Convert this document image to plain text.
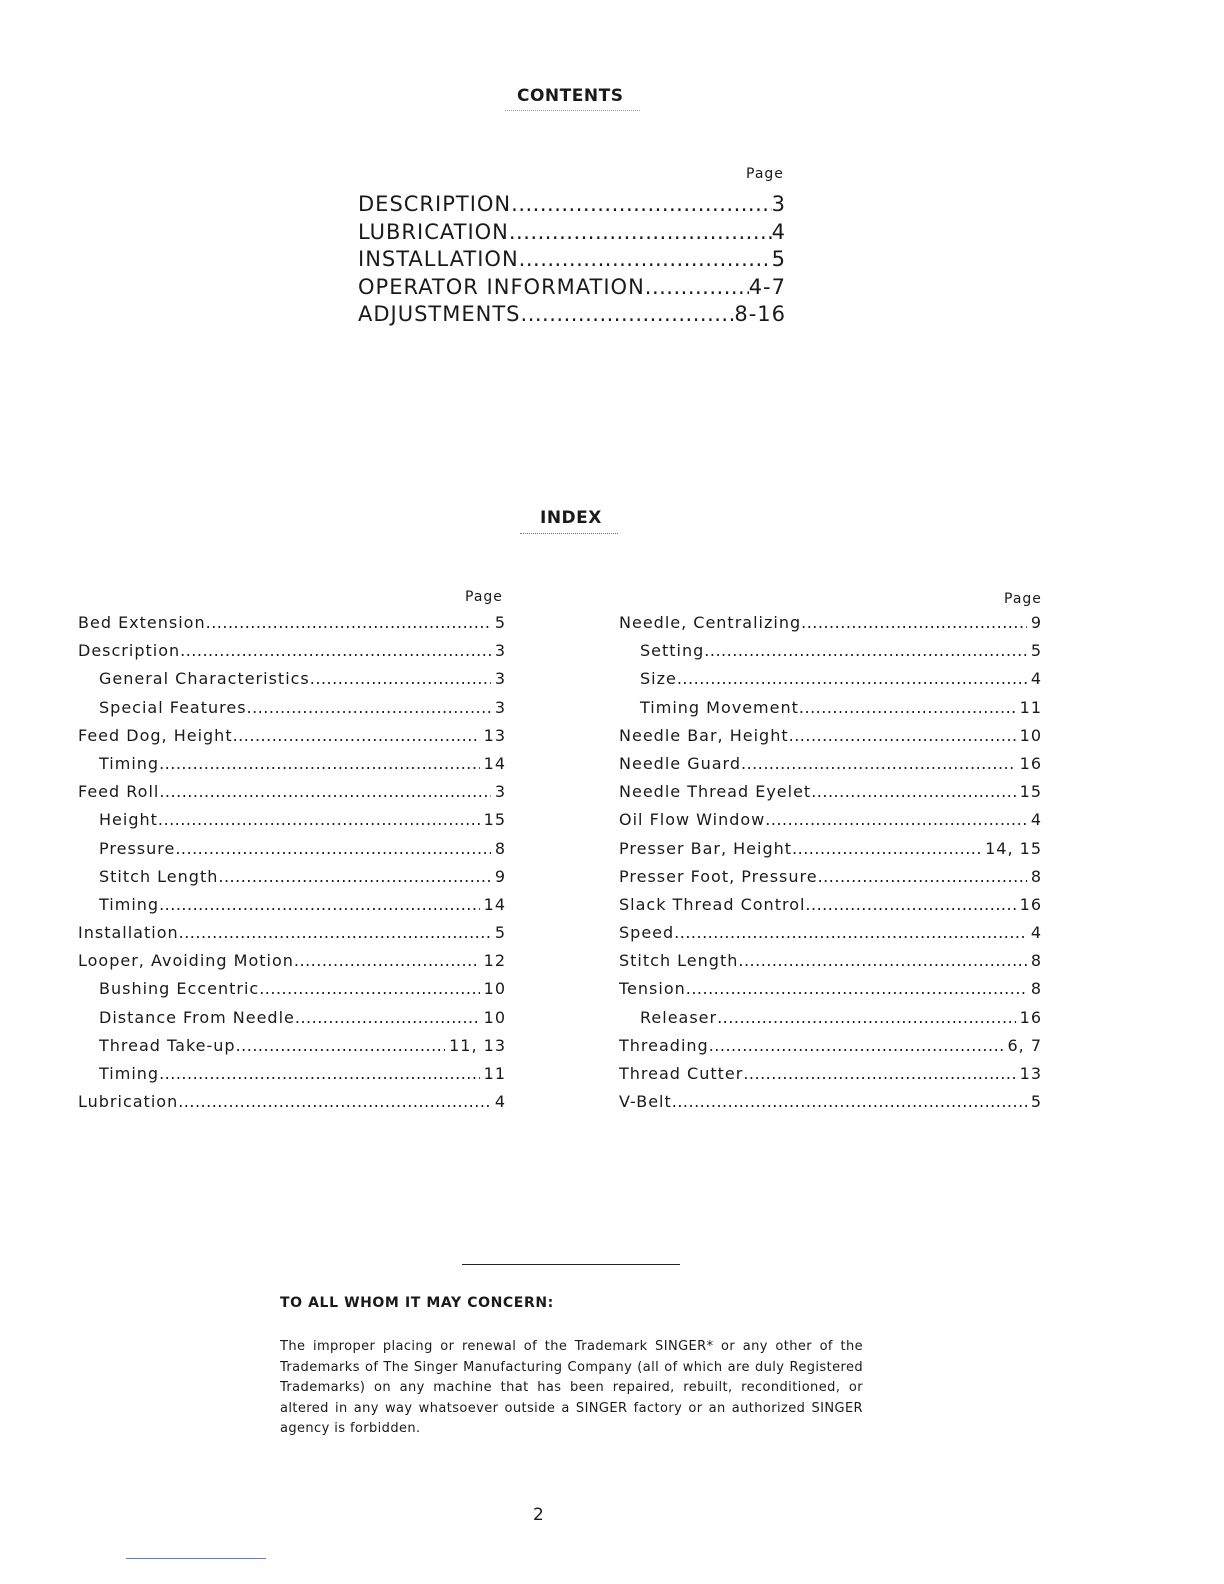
CONTENTS
Page
DESCRIPTION .....	3
LUBRICATION .....	4
INSTALLATION .....	5
OPERATOR INFORMATION .....	4-7
ADJUSTMENTS .....	8-16
INDEX
Page	Page
Bed Extension .....	5
Description .....	3
General Characteristics .....	3
Special Features .....	3
Feed Dog, Height .....	13
Timing .....	14
Feed Roll .....	3
Height .....	15
Pressure .....	8
Stitch Length .....	9
Timing .....	14
Installation .....	5
Looper, Avoiding Motion .....	12
Bushing Eccentric .....	10
Distance From Needle .....	10
Thread Take-up .....	11, 13
Timing .....	11
Lubrication .....	4
Needle, Centralizing .....	9
Setting .....	5
Size .....	4
Timing Movement .....	11
Needle Bar, Height .....	10
Needle Guard .....	16
Needle Thread Eyelet .....	15
Oil Flow Window .....	4
Presser Bar, Height .....	14, 15
Presser Foot, Pressure .....	8
Slack Thread Control .....	16
Speed .....	4
Stitch Length .....	8
Tension .....	8
Releaser .....	16
Threading .....	6, 7
Thread Cutter .....	13
V-Belt .....	5
TO ALL WHOM IT MAY CONCERN:
The improper placing or renewal of the Trademark SINGER* or any other of the Trademarks of The Singer Manufacturing Company (all of which are duly Registered Trademarks) on any machine that has been repaired, rebuilt, reconditioned, or altered in any way whatsoever outside a SINGER factory or an authorized SINGER agency is forbidden.
2
